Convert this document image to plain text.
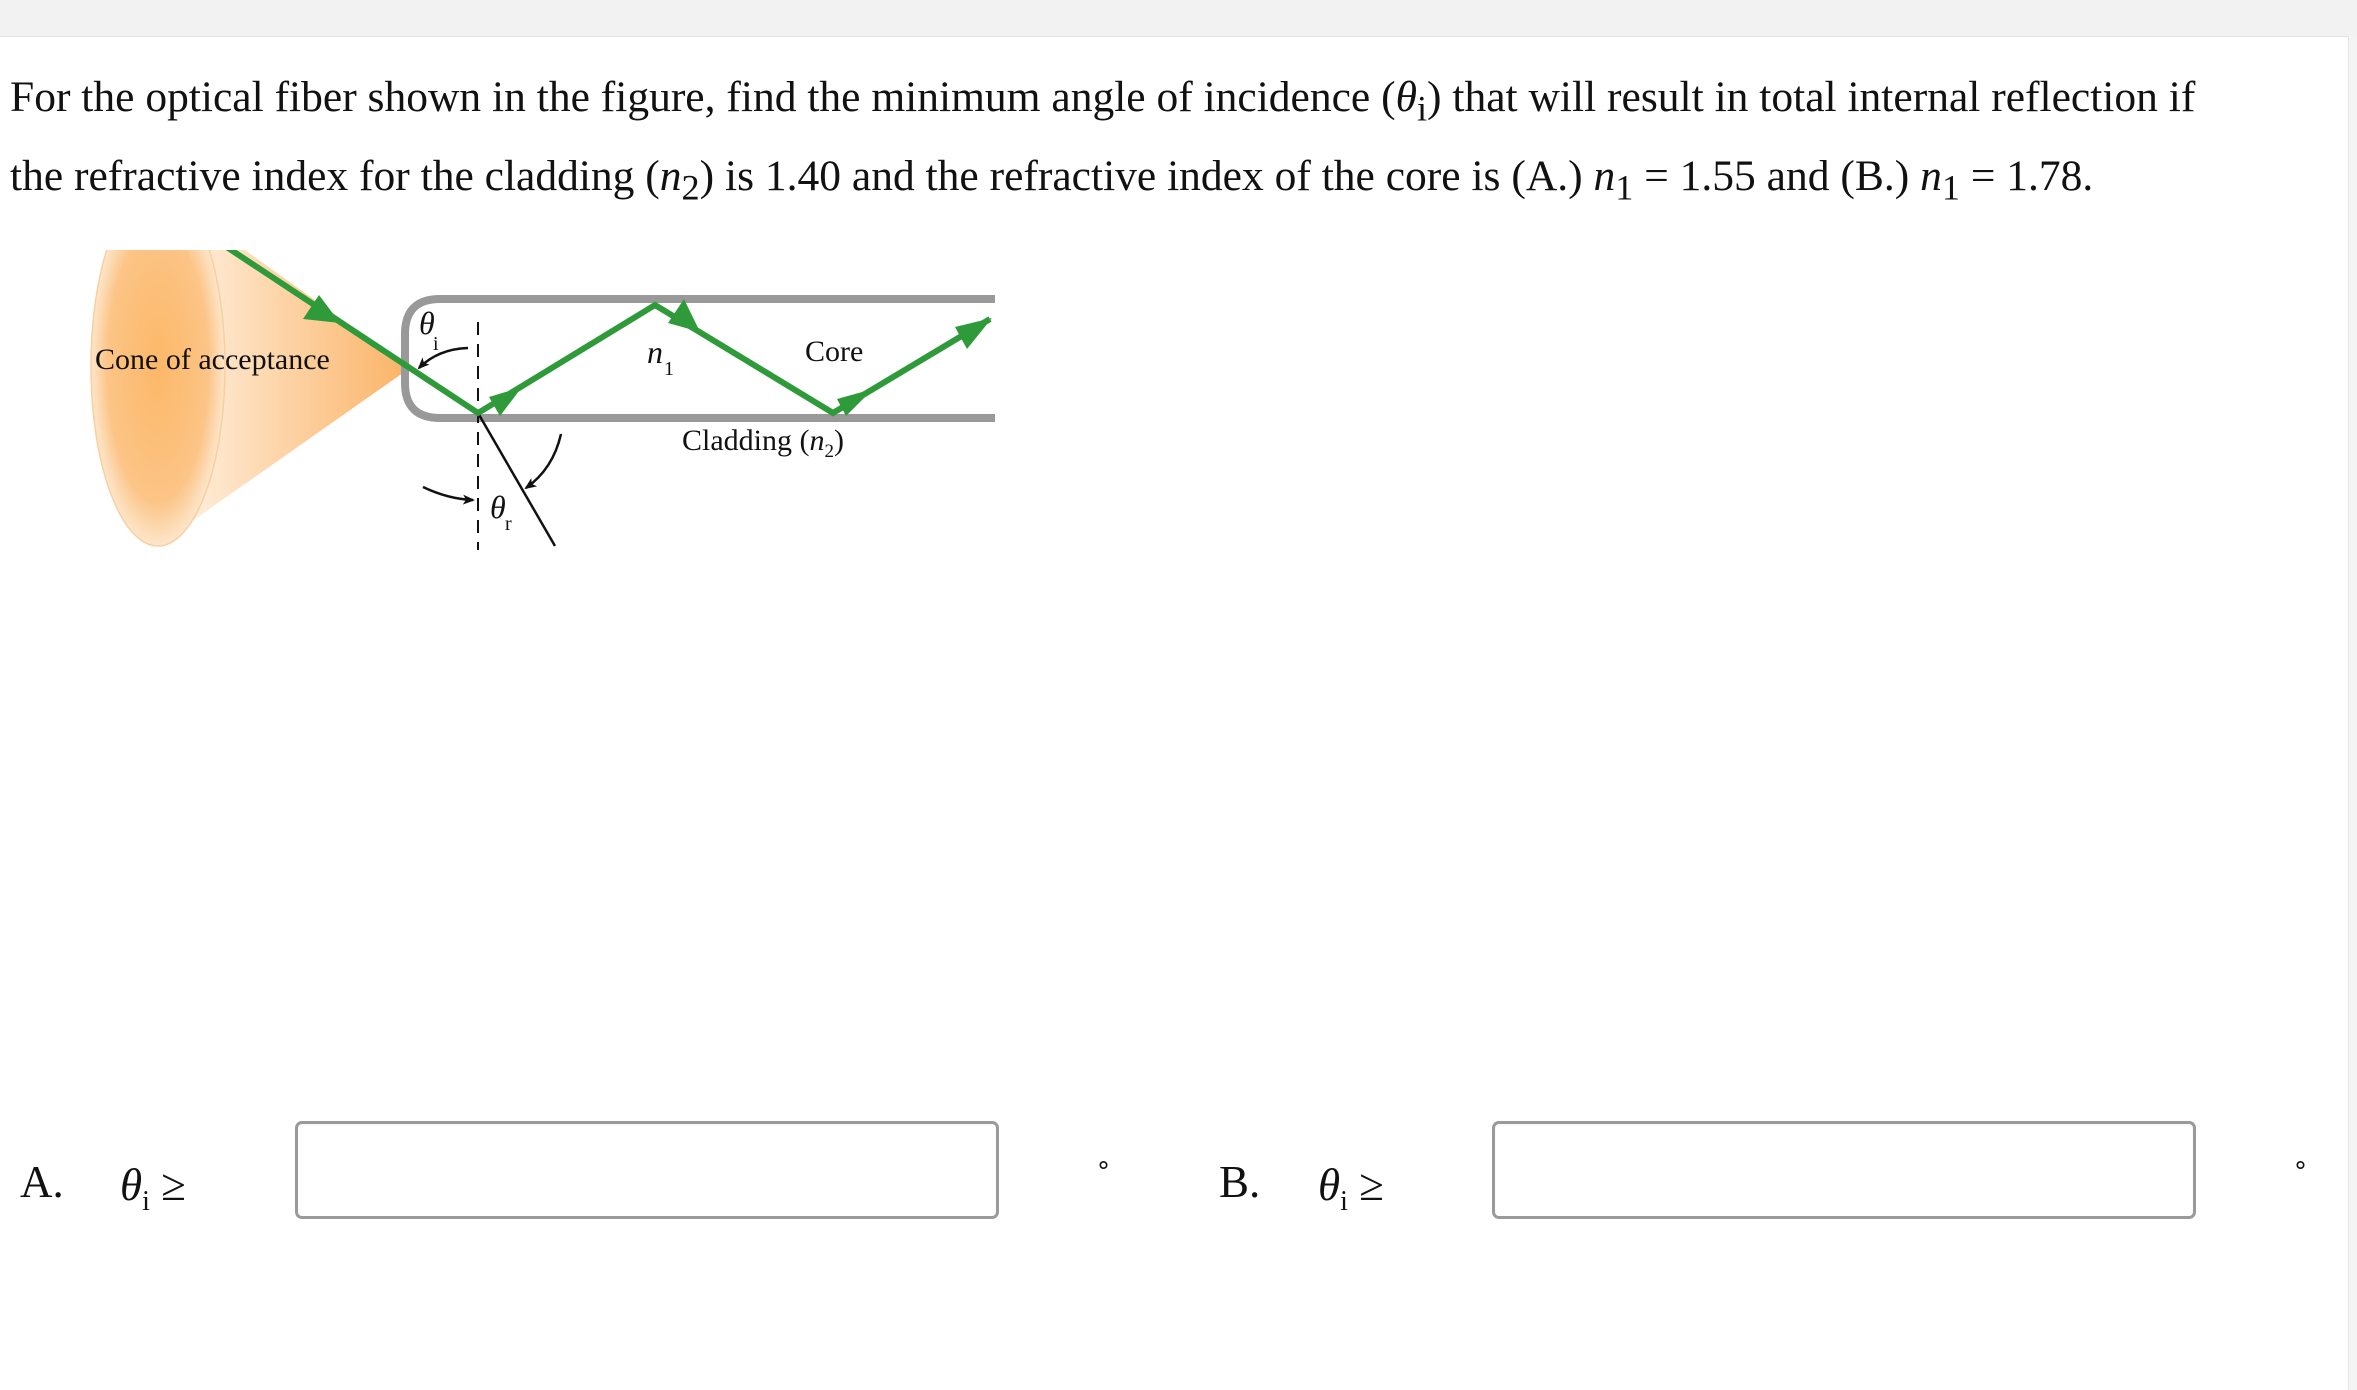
For the optical fiber shown in the figure, find the minimum angle of incidence $(\theta_i)$ that will result in total internal reflection if
the refractive index for the cladding $(n_2)$ is 1.40 and the refractive index of the core is (A.) $n_1 = 1.55$ and (B.) $n_1 = 1.78$.
Cone of acceptance
θ
i
θ r
n 1
Core
Cladding $(n_2)$
A. $\theta_i$ ≥	° B. $\theta_i$ ≥	°
